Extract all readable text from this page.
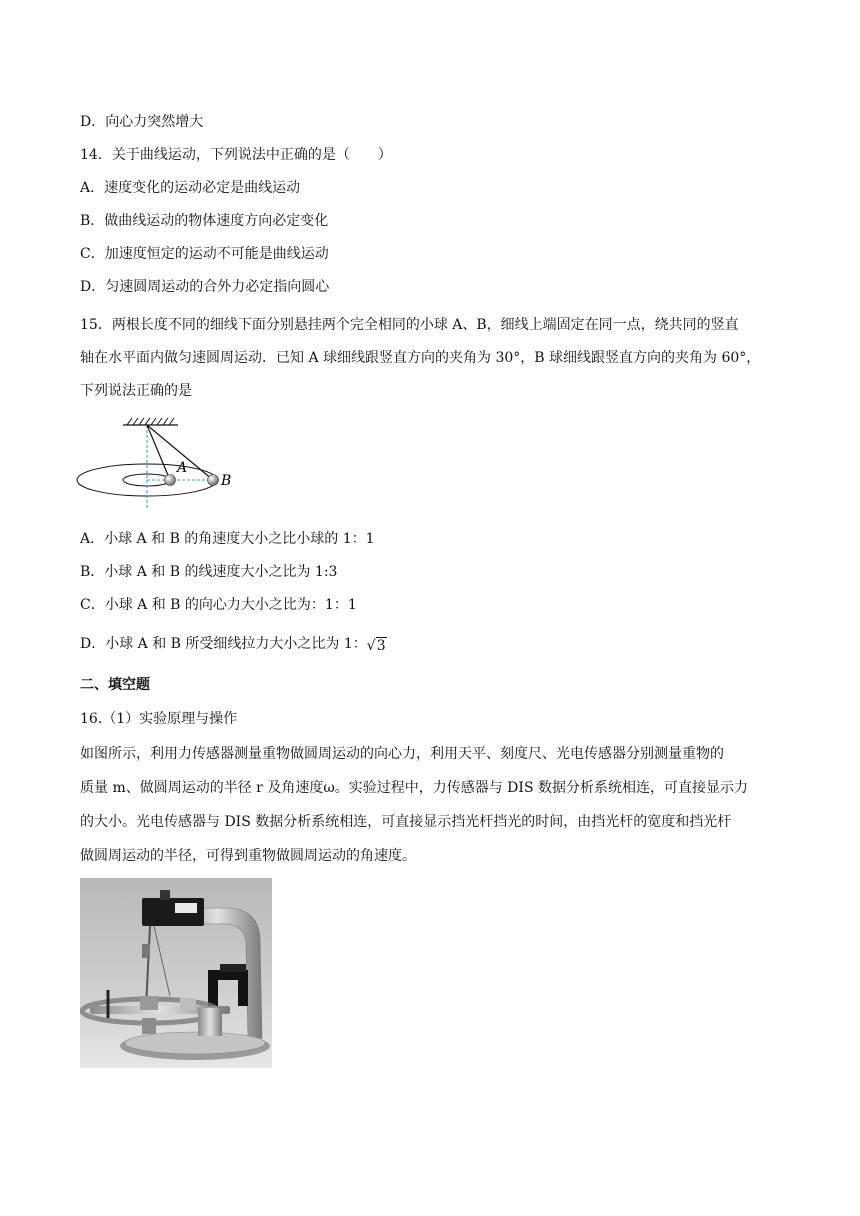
D．向心力突然增大
14．关于曲线运动，下列说法中正确的是（　　）
A．速度变化的运动必定是曲线运动
B．做曲线运动的物体速度方向必定变化
C．加速度恒定的运动不可能是曲线运动
D．匀速圆周运动的合外力必定指向圆心
15．两根长度不同的细线下面分别悬挂两个完全相同的小球 A、B，细线上端固定在同一点，绕共同的竖直
轴在水平面内做匀速圆周运动．已知 A 球细线跟竖直方向的夹角为 30°，B 球细线跟竖直方向的夹角为 60°，
下列说法正确的是
A
B
A．小球 A 和 B 的角速度大小之比小球的 1：1
B．小球 A 和 B 的线速度大小之比为 1:3
C．小球 A 和 B 的向心力大小之比为：1：1
D．小球 A 和 B 所受细线拉力大小之比为 1：√3
二、填空题
16.（1）实验原理与操作
如图所示，利用力传感器测量重物做圆周运动的向心力，利用天平、刻度尺、光电传感器分别测量重物的
质量 m、做圆周运动的半径 r 及角速度ω。实验过程中，力传感器与 DIS 数据分析系统相连，可直接显示力
的大小。光电传感器与 DIS 数据分析系统相连，可直接显示挡光杆挡光的时间，由挡光杆的宽度和挡光杆
做圆周运动的半径，可得到重物做圆周运动的角速度。
